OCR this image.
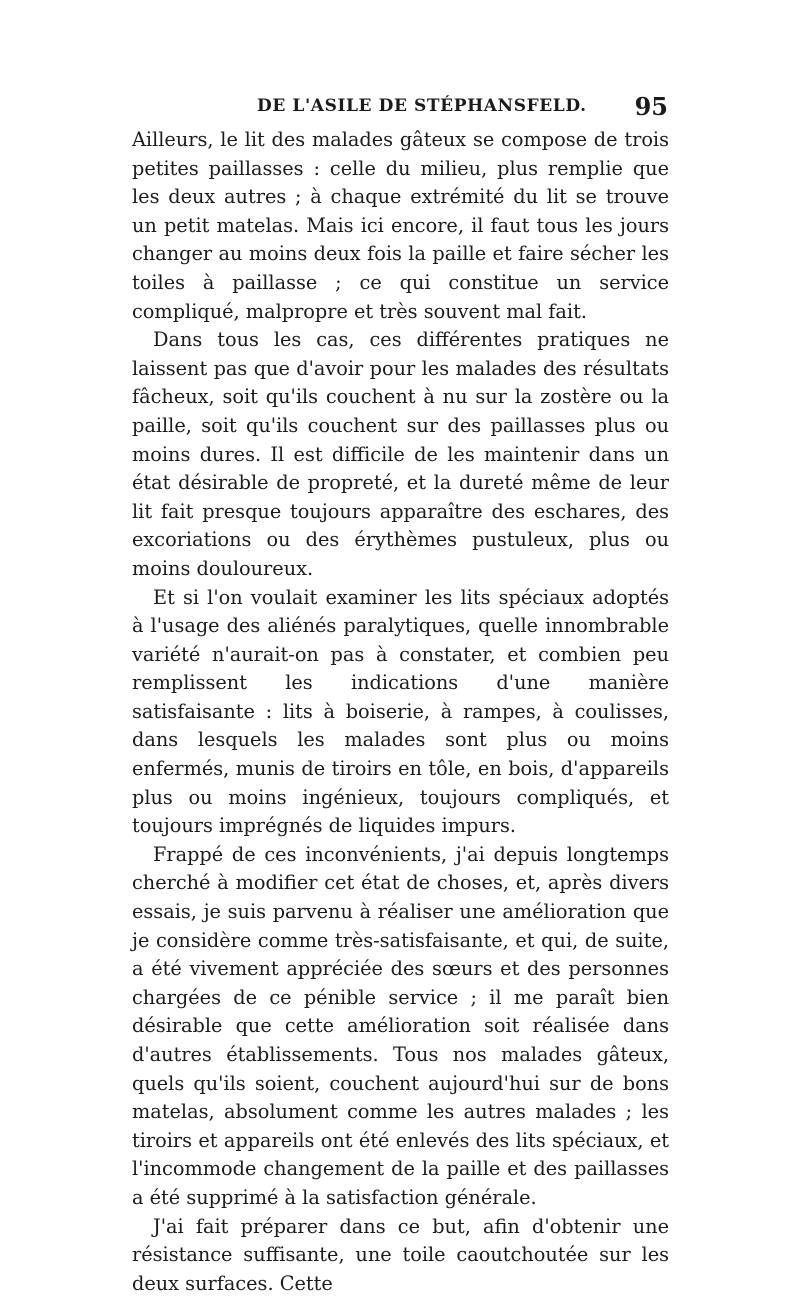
DE L'ASILE DE STÉPHANSFELD. 95

Ailleurs, le lit des malades gâteux se compose de trois petites paillasses : celle du milieu, plus remplie que les deux autres ; à chaque extrémité du lit se trouve un petit matelas. Mais ici encore, il faut tous les jours changer au moins deux fois la paille et faire sécher les toiles à paillasse ; ce qui constitue un service compliqué, malpropre et très souvent mal fait.

Dans tous les cas, ces différentes pratiques ne laissent pas que d'avoir pour les malades des résultats fâcheux, soit qu'ils couchent à nu sur la zostère ou la paille, soit qu'ils couchent sur des paillasses plus ou moins dures. Il est difficile de les maintenir dans un état désirable de propreté, et la dureté même de leur lit fait presque toujours apparaître des eschares, des excoriations ou des érythèmes pustuleux, plus ou moins douloureux.

Et si l'on voulait examiner les lits spéciaux adoptés à l'usage des aliénés paralytiques, quelle innombrable variété n'aurait-on pas à constater, et combien peu remplissent les indications d'une manière satisfaisante : lits à boiserie, à rampes, à coulisses, dans lesquels les malades sont plus ou moins enfermés, munis de tiroirs en tôle, en bois, d'appareils plus ou moins ingénieux, toujours compliqués, et toujours imprégnés de liquides impurs.

Frappé de ces inconvénients, j'ai depuis longtemps cherché à modifier cet état de choses, et, après divers essais, je suis parvenu à réaliser une amélioration que je considère comme très-satisfaisante, et qui, de suite, a été vivement appréciée des sœurs et des personnes chargées de ce pénible service ; il me paraît bien désirable que cette amélioration soit réalisée dans d'autres établissements. Tous nos malades gâteux, quels qu'ils soient, couchent aujourd'hui sur de bons matelas, absolument comme les autres malades ; les tiroirs et appareils ont été enlevés des lits spéciaux, et l'incommode changement de la paille et des paillasses a été supprimé à la satisfaction générale.

J'ai fait préparer dans ce but, afin d'obtenir une résistance suffisante, une toile caoutchoutée sur les deux surfaces. Cette
